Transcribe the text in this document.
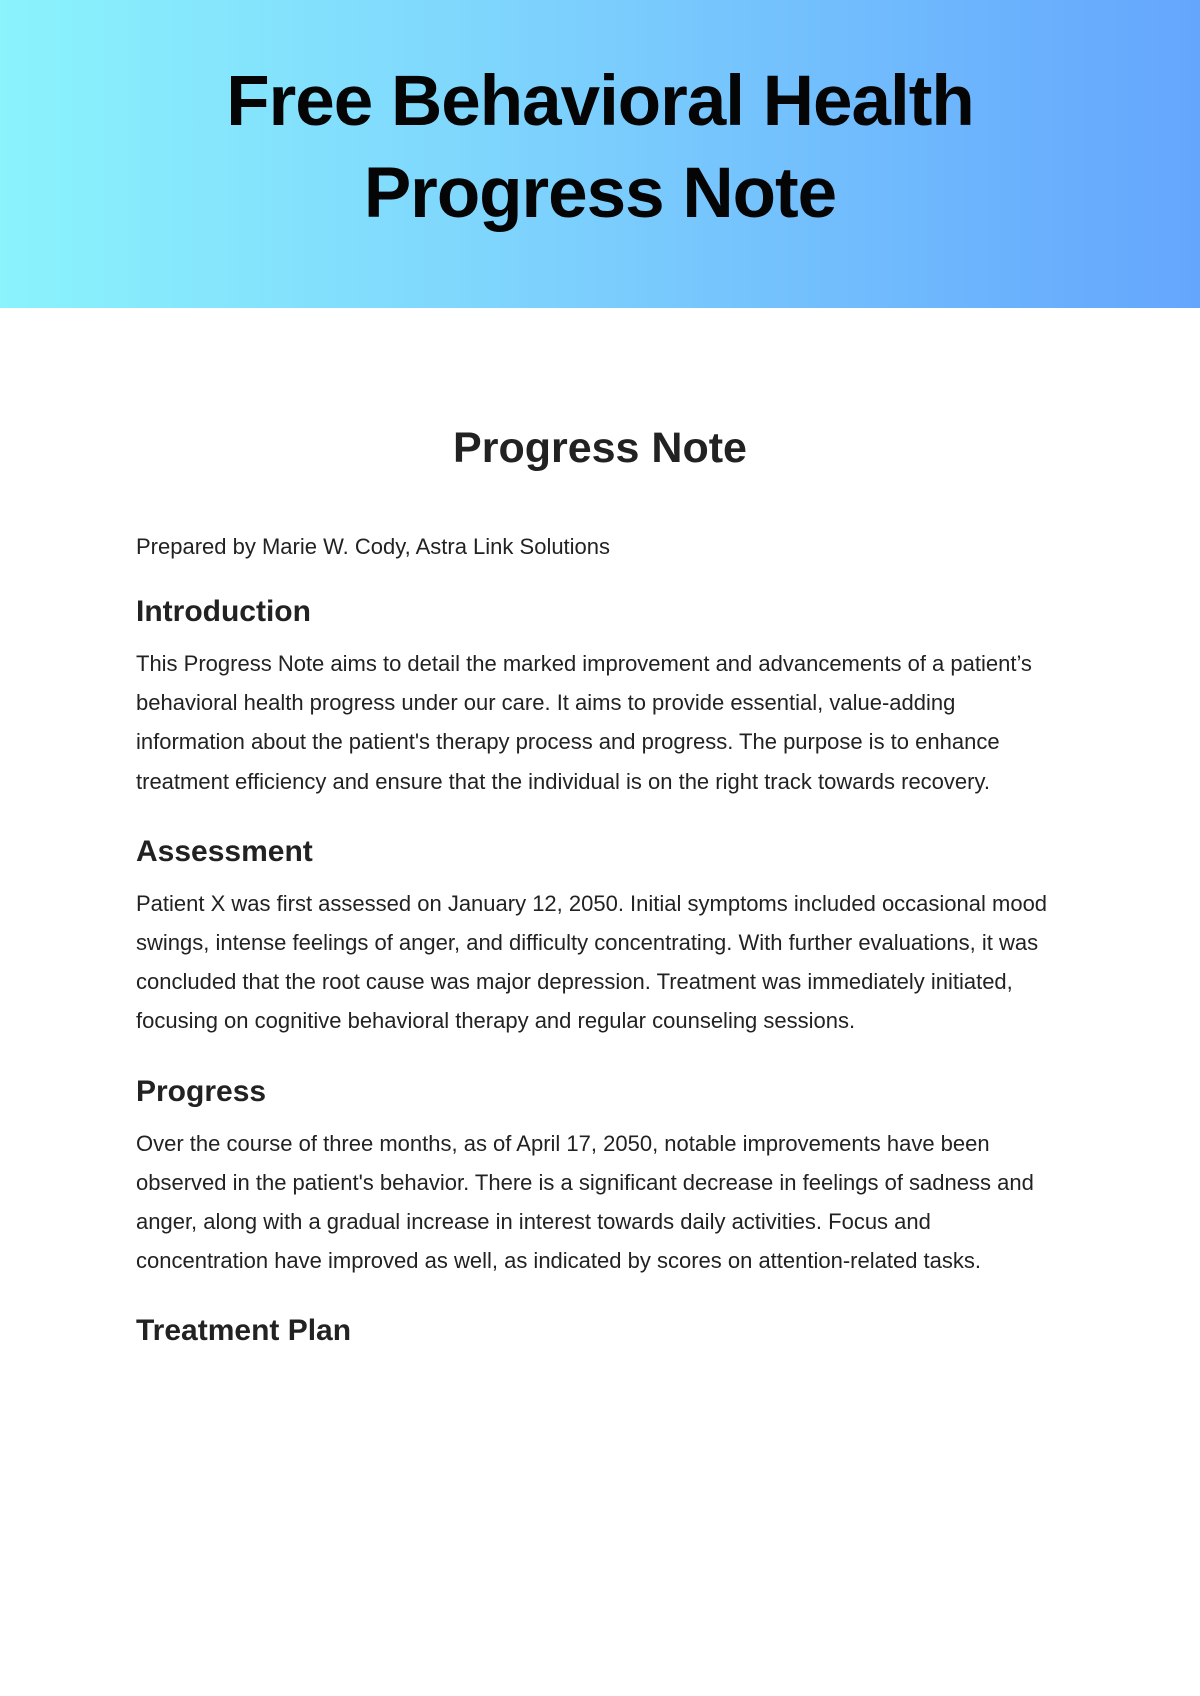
Free Behavioral Health Progress Note
Progress Note

Prepared by Marie W. Cody, Astra Link Solutions

Introduction

This Progress Note aims to detail the marked improvement and advancements of a patient’s behavioral health progress under our care. It aims to provide essential, value-adding information about the patient's therapy process and progress. The purpose is to enhance treatment efficiency and ensure that the individual is on the right track towards recovery.

Assessment

Patient X was first assessed on January 12, 2050. Initial symptoms included occasional mood swings, intense feelings of anger, and difficulty concentrating. With further evaluations, it was concluded that the root cause was major depression. Treatment was immediately initiated, focusing on cognitive behavioral therapy and regular counseling sessions.

Progress

Over the course of three months, as of April 17, 2050, notable improvements have been observed in the patient's behavior. There is a significant decrease in feelings of sadness and anger, along with a gradual increase in interest towards daily activities. Focus and concentration have improved as well, as indicated by scores on attention-related tasks.

Treatment Plan
